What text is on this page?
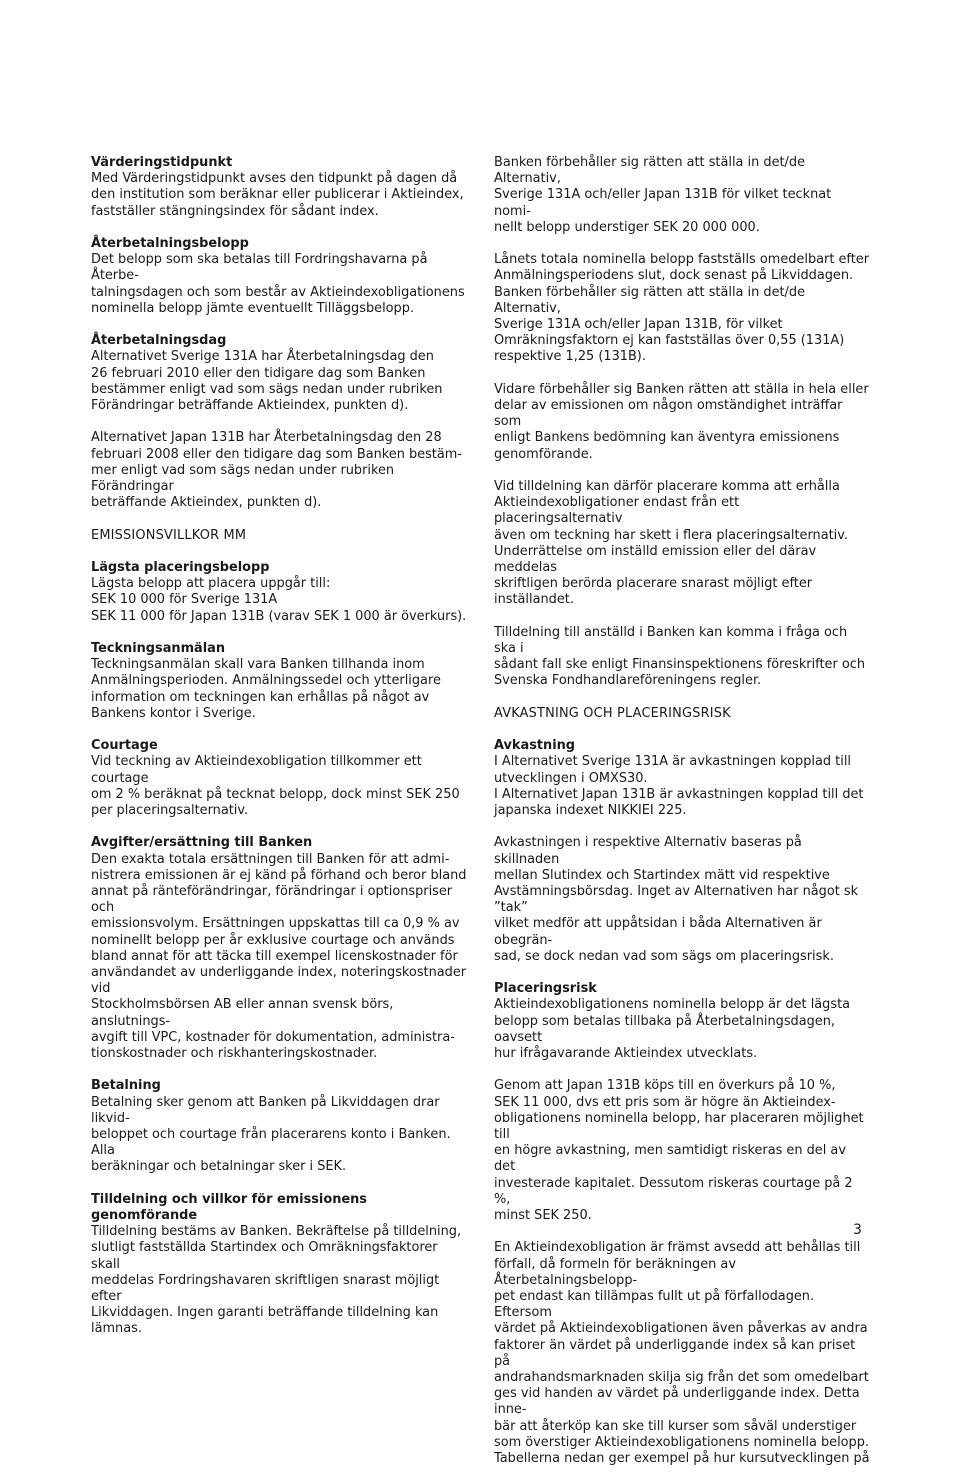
Värderingstidpunkt
Med Värderingstidpunkt avses den tidpunkt på dagen då
den institution som beräknar eller publicerar i Aktieindex,
fastställer stängningsindex för sådant index.
Återbetalningsbelopp
Det belopp som ska betalas till Fordringshavarna på Återbe-
talningsdagen och som består av Aktieindexobligationens
nominella belopp jämte eventuellt Tilläggsbelopp.
Återbetalningsdag
Alternativet Sverige 131A har Återbetalningsdag den
26 februari 2010 eller den tidigare dag som Banken
bestämmer enligt vad som sägs nedan under rubriken
Förändringar beträffande Aktieindex, punkten d).
Alternativet Japan 131B har Återbetalningsdag den 28
februari 2008 eller den tidigare dag som Banken bestäm-
mer enligt vad som sägs nedan under rubriken Förändringar
beträffande Aktieindex, punkten d).
EMISSIONSVILLKOR MM
Lägsta placeringsbelopp
Lägsta belopp att placera uppgår till:
SEK 10 000 för Sverige 131A
SEK 11 000 för Japan 131B (varav SEK 1 000 är överkurs).
Teckningsanmälan
Teckningsanmälan skall vara Banken tillhanda inom
Anmälningsperioden. Anmälningssedel och ytterligare
information om teckningen kan erhållas på något av
Bankens kontor i Sverige.
Courtage
Vid teckning av Aktieindexobligation tillkommer ett courtage
om 2 % beräknat på tecknat belopp, dock minst SEK 250
per placeringsalternativ.
Avgifter/ersättning till Banken
Den exakta totala ersättningen till Banken för att admi-
nistrera emissionen är ej känd på förhand och beror bland
annat på ränteförändringar, förändringar i optionspriser och
emissionsvolym. Ersättningen uppskattas till ca 0,9 % av
nominellt belopp per år exklusive courtage och används
bland annat för att täcka till exempel licenskostnader för
användandet av underliggande index, noteringskostnader vid
Stockholmsbörsen AB eller annan svensk börs, anslutnings-
avgift till VPC, kostnader för dokumentation, administra-
tionskostnader och riskhanteringskostnader.
Betalning
Betalning sker genom att Banken på Likviddagen drar likvid-
beloppet och courtage från placerarens konto i Banken. Alla
beräkningar och betalningar sker i SEK.
Tilldelning och villkor för emissionens genomförande
Tilldelning bestäms av Banken. Bekräftelse på tilldelning,
slutligt fastställda Startindex och Omräkningsfaktorer skall
meddelas Fordringshavaren skriftligen snarast möjligt efter
Likviddagen. Ingen garanti beträffande tilldelning kan lämnas.
Banken förbehåller sig rätten att ställa in det/de Alternativ,
Sverige 131A och/eller Japan 131B för vilket tecknat nomi-
nellt belopp understiger SEK 20 000 000.
Lånets totala nominella belopp fastställs omedelbart efter
Anmälningsperiodens slut, dock senast på Likviddagen.
Banken förbehåller sig rätten att ställa in det/de Alternativ,
Sverige 131A och/eller Japan 131B, för vilket
Omräkningsfaktorn ej kan fastställas över 0,55 (131A)
respektive 1,25 (131B).
Vidare förbehåller sig Banken rätten att ställa in hela eller
delar av emissionen om någon omständighet inträffar som
enligt Bankens bedömning kan äventyra emissionens
genomförande.
Vid tilldelning kan därför placerare komma att erhålla
Aktieindexobligationer endast från ett placeringsalternativ
även om teckning har skett i flera placeringsalternativ.
Underrättelse om inställd emission eller del därav meddelas
skriftligen berörda placerare snarast möjligt efter inställandet.
Tilldelning till anställd i Banken kan komma i fråga och ska i
sådant fall ske enligt Finansinspektionens föreskrifter och
Svenska Fondhandlareföreningens regler.
AVKASTNING OCH PLACERINGSRISK
Avkastning
I Alternativet Sverige 131A är avkastningen kopplad till
utvecklingen i OMXS30.
I Alternativet Japan 131B är avkastningen kopplad till det
japanska indexet NIKKIEI 225.
Avkastningen i respektive Alternativ baseras på skillnaden
mellan Slutindex och Startindex mätt vid respektive
Avstämningsbörsdag. Inget av Alternativen har något sk ”tak”
vilket medför att uppåtsidan i båda Alternativen är obegrän-
sad, se dock nedan vad som sägs om placeringsrisk.
Placeringsrisk
Aktieindexobligationens nominella belopp är det lägsta
belopp som betalas tillbaka på Återbetalningsdagen, oavsett
hur ifrågavarande Aktieindex utvecklats.
Genom att Japan 131B köps till en överkurs på 10 %,
SEK 11 000, dvs ett pris som är högre än Aktieindex-
obligationens nominella belopp, har placeraren möjlighet till
en högre avkastning, men samtidigt riskeras en del av det
investerade kapitalet. Dessutom riskeras courtage på 2 %,
minst SEK 250.
En Aktieindexobligation är främst avsedd att behållas till
förfall, då formeln för beräkningen av Återbetalningsbelopp-
pet endast kan tillämpas fullt ut på förfallodagen. Eftersom
värdet på Aktieindexobligationen även påverkas av andra
faktorer än värdet på underliggande index så kan priset på
andrahandsmarknaden skilja sig från det som omedelbart
ges vid handen av värdet på underliggande index. Detta inne-
bär att återköp kan ske till kurser som såväl understiger
som överstiger Aktieindexobligationens nominella belopp.
Tabellerna nedan ger exempel på hur kursutvecklingen på
3
